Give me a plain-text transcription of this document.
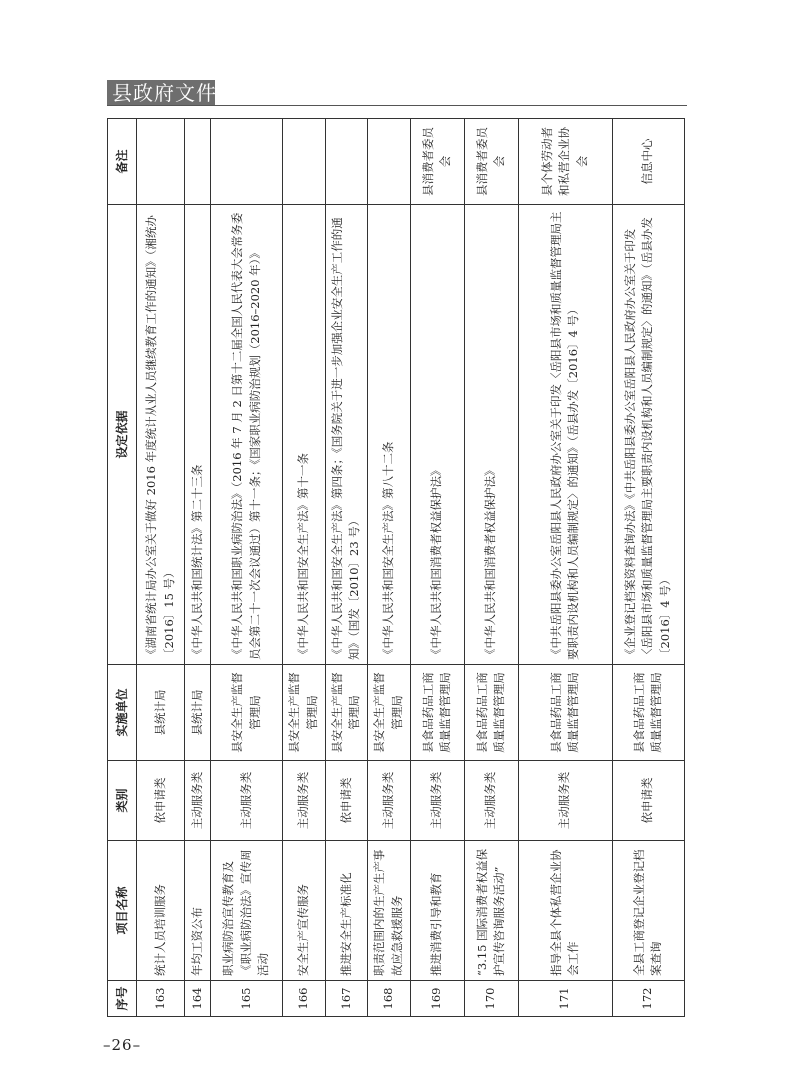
县政府文件
序号	项目名称	类别	实施单位	设定依据	备注
163	统计人员培训服务	依申请类	县统计局	《湖南省统计局办公室关于做好 2016 年度统计从业人员继续教育工作的通知》（湘统办〔2016〕15 号）	
164	年均工资公布	主动服务类	县统计局	《中华人民共和国统计法》第二十三条	
165	职业病防治宣传教育及《职业病防治法》宣传周活动	主动服务类	县安全生产监督管理局	《中华人民共和国职业病防治法》（2016 年 7 月 2 日第十二届全国人民代表大会常务委员会第二十一次会议通过）第十一条；《国家职业病防治规划（2016–2020 年）》	
166	安全生产宣传服务	主动服务类	县安全生产监督管理局	《中华人民共和国安全生产法》第十一条	
167	推进安全生产标准化	依申请类	县安全生产监督管理局	《中华人民共和国安全生产法》第四条；《国务院关于进一步加强企业安全生产工作的通知》（国发〔2010〕23 号）	
168	职责范围内的生产生产事故应急救援服务	主动服务类	县安全生产监督管理局	《中华人民共和国安全生产法》第八十二条	
169	推进消费引导和教育	主动服务类	县食品药品工商质量监督管理局	《中华人民共和国消费者权益保护法》	县消费者委员会
170	“3.15 国际消费者权益保护宣传咨询服务活动”	主动服务类	县食品药品工商质量监督管理局	《中华人民共和国消费者权益保护法》	县消费者委员会
171	指导全县个体私营企业协会工作	主动服务类	县食品药品工商质量监督管理局	《中共岳阳县委办公室岳阳县人民政府办公室关于印发〈岳阳县市场和质量监督管理局主要职责内设机构和人员编制规定〉的通知》（岳县办发〔2016〕4 号）	县个体劳动者和私营企业协会
172	全县工商登记企业登记档案查询	依申请类	县食品药品工商质量监督管理局	《企业登记档案资料查询办法》《中共岳阳县委办公室岳阳县人民政府办公室关于印发〈岳阳县市场和质量监督管理局主要职责内设机构和人员编制规定〉的通知》（岳县办发〔2016〕4 号）	信息中心
–26–
